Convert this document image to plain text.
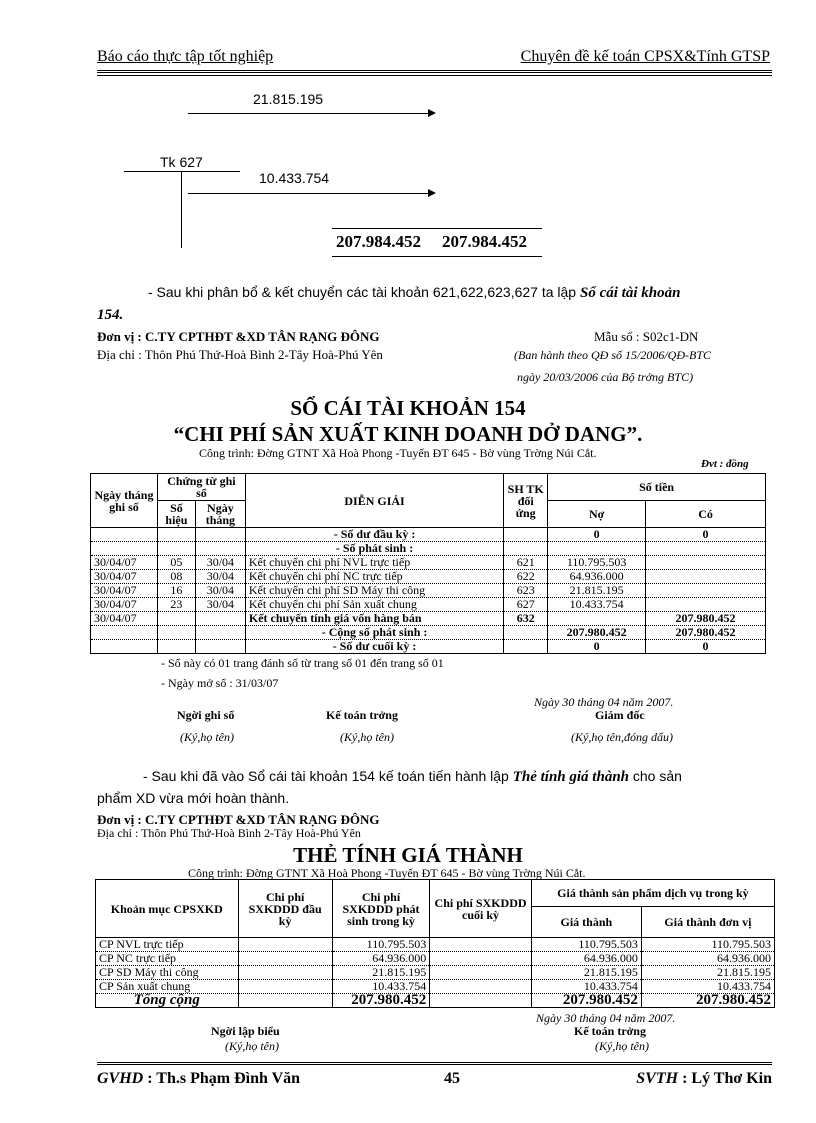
Báo cáo thực tập tốt nghiệp	Chuyên đề kế toán CPSX&Tính GTSP
21.815.195
Tk 627
10.433.754
207.984.452 207.984.452
- Sau khi phân bổ & kết chuyển các tài khoản 621,622,623,627 ta lập Sổ cái tài khoản
154.
Đơn vị : C.TY CPTHĐT &XD TÂN RẠNG ĐÔNG
Địa chỉ : Thôn Phú Thứ-Hoà Bình 2-Tây Hoà-Phú Yên
Mẫu số : S02c1-DN
(Ban hành theo QĐ số 15/2006/QĐ-BTC
ngày 20/03/2006 của Bộ trởng BTC)
SỔ CÁI TÀI KHOẢN 154
“CHI PHÍ SẢN XUẤT KINH DOANH DỞ DANG”.
Công trình: Đờng GTNT Xã Hoà Phong -Tuyến ĐT 645 - Bờ vùng Trờng Núi Cắt.
Đvt : đồng
Ngày tháng ghi sổ	Chứng từ ghi sổ		DIỄN GIẢI	SH TK đối ứng	Số tiền	
	Số hiệu	Ngày tháng			Nợ	Có
			- Số dư đầu kỳ :		0	0
			- Số phát sinh :			
30/04/07	05	30/04	Kết chuyển chi phí NVL trực tiếp	621	110.795.503	
30/04/07	08	30/04	Kết chuyển chi phí NC trực tiếp	622	64.936.000	
30/04/07	16	30/04	Kết chuyển chi phí SD Máy thi công	623	21.815.195	
30/04/07	23	30/04	Kết chuyển chi phí Sản xuất chung	627	10.433.754	
30/04/07			Kết chuyển tính giá vốn hàng bán	632		207.980.452
			- Cộng số phát sinh :		207.980.452	207.980.452
			- Số dư cuối kỳ :		0	0
- Sổ này có 01 trang đánh số từ trang số 01 đến trang số 01
- Ngày mở sổ : 31/03/07
Ngày 30 tháng 04 năm 2007.
Ngời ghi sổ	Kế toán trởng	Giám đốc
(Ký,họ tên)	(Ký,họ tên)	(Ký,họ tên,đóng dấu)
- Sau khi đã vào Sổ cái tài khoản 154 kế toán tiến hành lập Thẻ tính giá thành cho sản
phẩm XD vừa mới hoàn thành.
Đơn vị : C.TY CPTHĐT &XD TÂN RẠNG ĐÔNG
Địa chỉ : Thôn Phú Thứ-Hoà Bình 2-Tây Hoà-Phú Yên
THẺ TÍNH GIÁ THÀNH
Công trình: Đờng GTNT Xã Hoà Phong -Tuyến ĐT 645 - Bờ vùng Trờng Núi Cắt.
Khoản mục CPSXKD	Chi phí SXKDDD đầu kỳ	Chi phí SXKDDD phát sinh trong kỳ	Chi phí SXKDDD cuối kỳ	Giá thành sản phẩm dịch vụ trong kỳ	
				Giá thành	Giá thành đơn vị
CP NVL trực tiếp		110.795.503		110.795.503	110.795.503
CP NC trực tiếp		64.936.000		64.936.000	64.936.000
CP SD Máy thi công		21.815.195		21.815.195	21.815.195
CP Sản xuất chung		10.433.754		10.433.754	10.433.754
Tổng cộng		207.980.452		207.980.452	207.980.452
Ngày 30 tháng 04 năm 2007.
Ngời lập biểu	Kế toán trởng
(Ký,họ tên)	(Ký,họ tên)
GVHD : Th.s Phạm Đình Văn	45	SVTH : Lý Thơ Kin
